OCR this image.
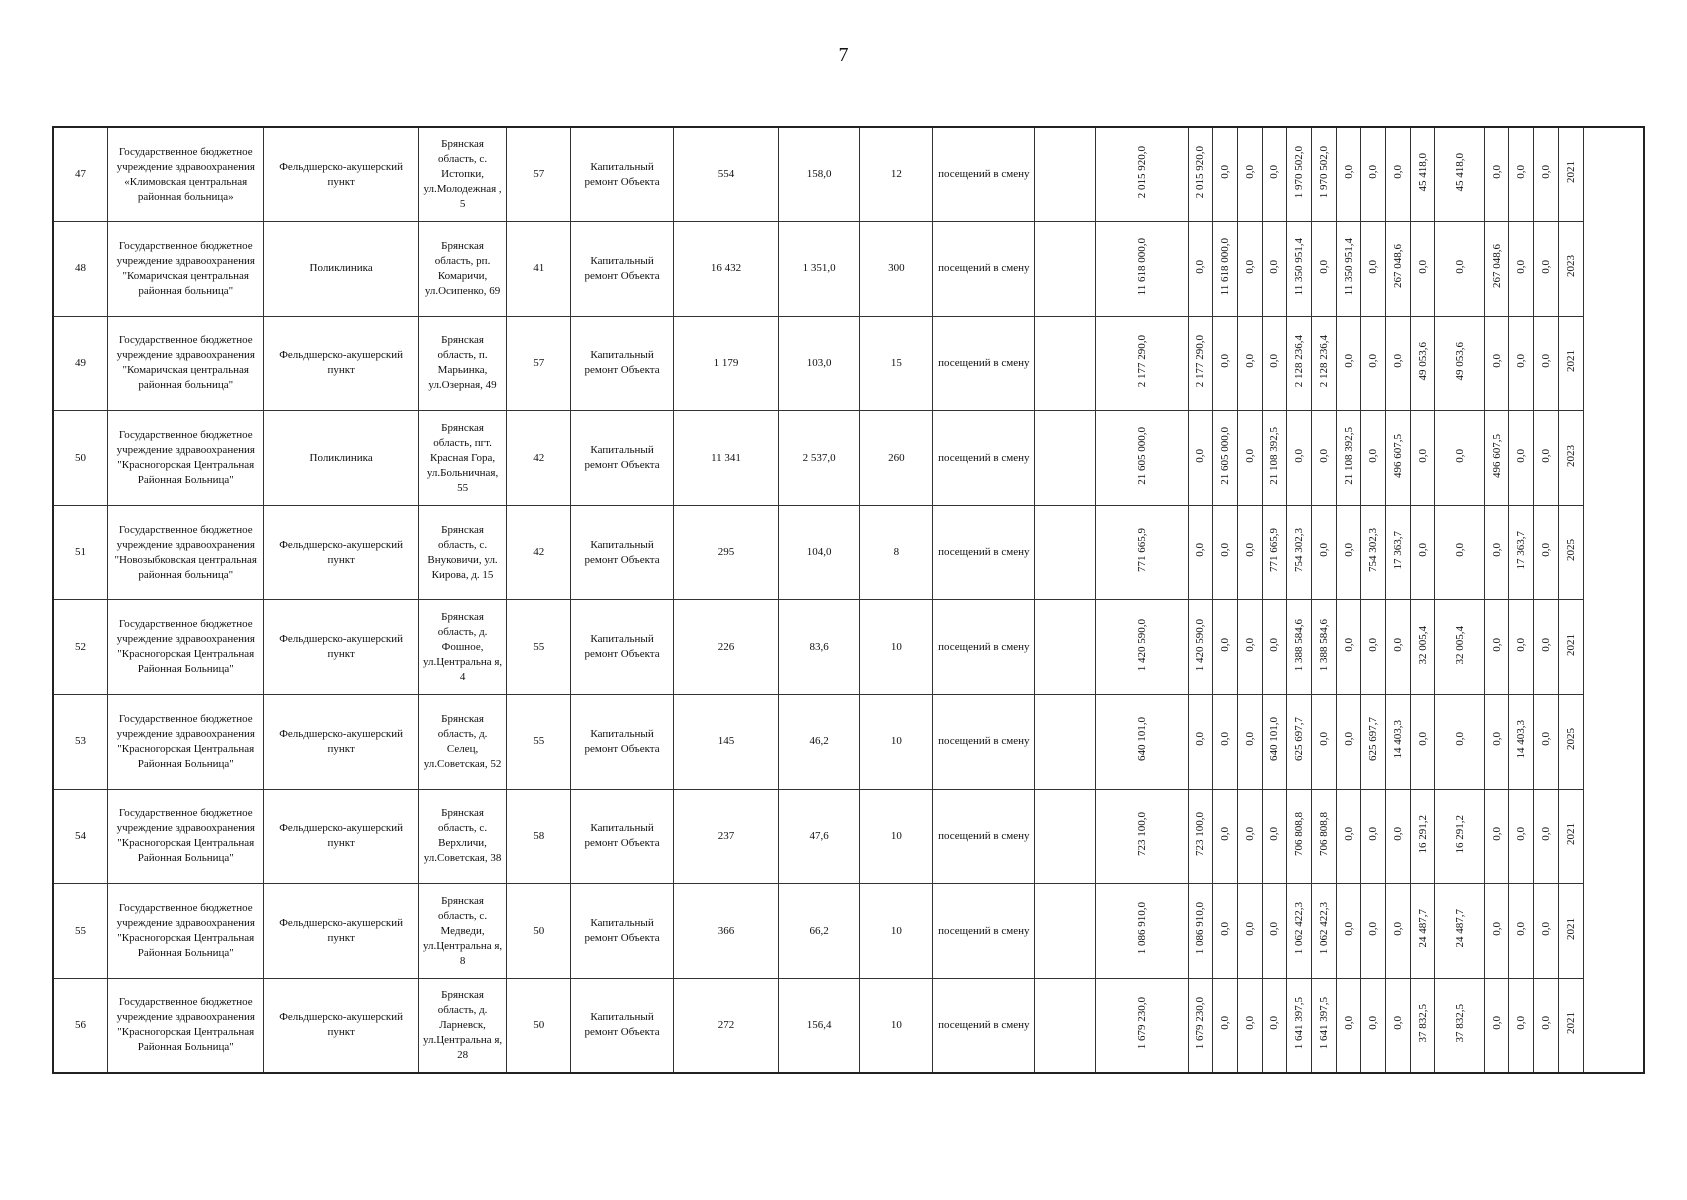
7
47	Государственное бюджетное учреждение здравоохранения «Климовская центральная районная больница»	Фельдшерско-акушерский пункт	Брянская область, с. Истопки, ул.Молодежная , 5	57	Капитальный ремонт Объекта	554	158,0	12	посещений в смену		2 015 920,0	2 015 920,0	0,0	0,0	0,0	1 970 502,0	1 970 502,0	0,0	0,0	0,0	45 418,0	45 418,0	0,0	0,0	0,0	2021
48	Государственное бюджетное учреждение здравоохранения "Комаричская центральная районная больница"	Поликлиника	Брянская область, рп. Комаричи, ул.Осипенко, 69	41	Капитальный ремонт Объекта	16 432	1 351,0	300	посещений в смену		11 618 000,0	0,0	11 618 000,0	0,0	0,0	11 350 951,4	0,0	11 350 951,4	0,0	267 048,6	0,0	0,0	267 048,6	0,0	0,0	2023
49	Государственное бюджетное учреждение здравоохранения "Комаричская центральная районная больница"	Фельдшерско-акушерский пункт	Брянская область, п. Марьинка, ул.Озерная, 49	57	Капитальный ремонт Объекта	1 179	103,0	15	посещений в смену		2 177 290,0	2 177 290,0	0,0	0,0	0,0	2 128 236,4	2 128 236,4	0,0	0,0	0,0	49 053,6	49 053,6	0,0	0,0	0,0	2021
50	Государственное бюджетное учреждение здравоохранения "Красногорская Центральная Районная Больница"	Поликлиника	Брянская область, пгт. Красная Гора, ул.Больничная, 55	42	Капитальный ремонт Объекта	11 341	2 537,0	260	посещений в смену		21 605 000,0	0,0	21 605 000,0	0,0	21 108 392,5	0,0	0,0	21 108 392,5	0,0	496 607,5	0,0	0,0	496 607,5	0,0	0,0	2023
51	Государственное бюджетное учреждение здравоохранения "Новозыбковская центральная районная больница"	Фельдшерско-акушерский пункт	Брянская область, с. Внуковичи, ул. Кирова, д. 15	42	Капитальный ремонт Объекта	295	104,0	8	посещений в смену		771 665,9	0,0	0,0	0,0	771 665,9	754 302,3	0,0	0,0	754 302,3	17 363,7	0,0	0,0	0,0	17 363,7	0,0	2025
52	Государственное бюджетное учреждение здравоохранения "Красногорская Центральная Районная Больница"	Фельдшерско-акушерский пункт	Брянская область, д. Фошное, ул.Центральна я, 4	55	Капитальный ремонт Объекта	226	83,6	10	посещений в смену		1 420 590,0	1 420 590,0	0,0	0,0	0,0	1 388 584,6	1 388 584,6	0,0	0,0	0,0	32 005,4	32 005,4	0,0	0,0	0,0	2021
53	Государственное бюджетное учреждение здравоохранения "Красногорская Центральная Районная Больница"	Фельдшерско-акушерский пункт	Брянская область, д. Селец, ул.Советская, 52	55	Капитальный ремонт Объекта	145	46,2	10	посещений в смену		640 101,0	0,0	0,0	0,0	640 101,0	625 697,7	0,0	0,0	625 697,7	14 403,3	0,0	0,0	0,0	14 403,3	0,0	2025
54	Государственное бюджетное учреждение здравоохранения "Красногорская Центральная Районная Больница"	Фельдшерско-акушерский пункт	Брянская область, с. Верхличи, ул.Советская, 38	58	Капитальный ремонт Объекта	237	47,6	10	посещений в смену		723 100,0	723 100,0	0,0	0,0	0,0	706 808,8	706 808,8	0,0	0,0	0,0	16 291,2	16 291,2	0,0	0,0	0,0	2021
55	Государственное бюджетное учреждение здравоохранения "Красногорская Центральная Районная Больница"	Фельдшерско-акушерский пункт	Брянская область, с. Медведи, ул.Центральна я, 8	50	Капитальный ремонт Объекта	366	66,2	10	посещений в смену		1 086 910,0	1 086 910,0	0,0	0,0	0,0	1 062 422,3	1 062 422,3	0,0	0,0	0,0	24 487,7	24 487,7	0,0	0,0	0,0	2021
56	Государственное бюджетное учреждение здравоохранения "Красногорская Центральная Районная Больница"	Фельдшерско-акушерский пункт	Брянская область, д. Ларневск, ул.Центральна я, 28	50	Капитальный ремонт Объекта	272	156,4	10	посещений в смену		1 679 230,0	1 679 230,0	0,0	0,0	0,0	1 641 397,5	1 641 397,5	0,0	0,0	0,0	37 832,5	37 832,5	0,0	0,0	0,0	2021
